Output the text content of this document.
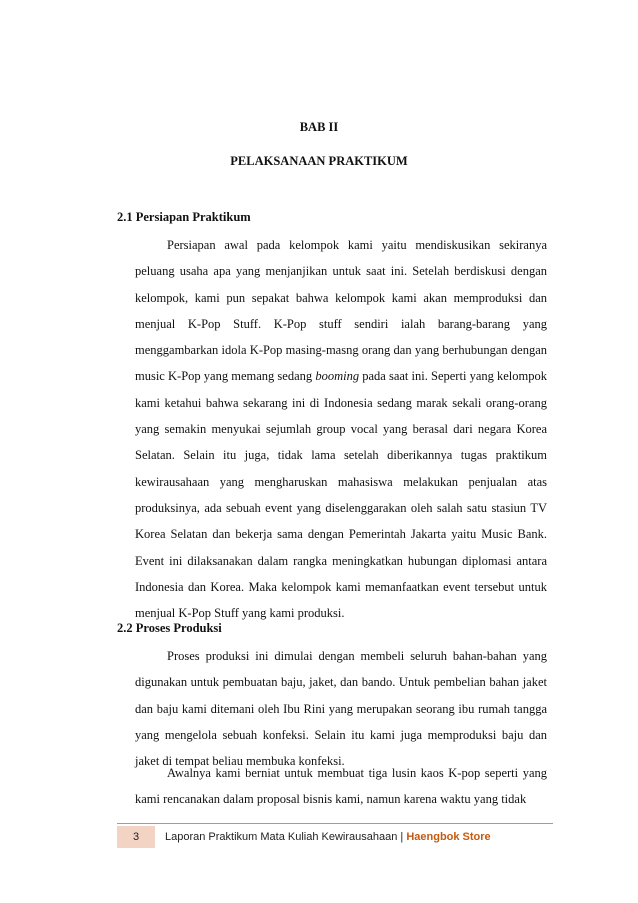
BAB II
PELAKSANAAN PRAKTIKUM
2.1 Persiapan Praktikum
Persiapan awal pada kelompok kami yaitu mendiskusikan sekiranya peluang usaha apa yang menjanjikan untuk saat ini. Setelah berdiskusi dengan kelompok, kami pun sepakat bahwa kelompok kami akan memproduksi dan menjual K-Pop Stuff. K-Pop stuff sendiri ialah barang-barang yang menggambarkan idola K-Pop masing-masng orang dan yang berhubungan dengan music K-Pop yang memang sedang booming pada saat ini. Seperti yang kelompok kami ketahui bahwa sekarang ini di Indonesia sedang marak sekali orang-orang yang semakin menyukai sejumlah group vocal yang berasal dari negara Korea Selatan. Selain itu juga, tidak lama setelah diberikannya tugas praktikum kewirausahaan yang mengharuskan mahasiswa melakukan penjualan atas produksinya, ada sebuah event yang diselenggarakan oleh salah satu stasiun TV Korea Selatan dan bekerja sama dengan Pemerintah Jakarta yaitu Music Bank. Event ini dilaksanakan dalam rangka meningkatkan hubungan diplomasi antara Indonesia dan Korea. Maka kelompok kami memanfaatkan event tersebut untuk menjual K-Pop Stuff yang kami produksi.
2.2 Proses Produksi
Proses produksi ini dimulai dengan membeli seluruh bahan-bahan yang digunakan untuk pembuatan baju, jaket, dan bando. Untuk pembelian bahan jaket dan baju kami ditemani oleh Ibu Rini yang merupakan seorang ibu rumah tangga yang mengelola sebuah konfeksi. Selain itu kami juga memproduksi baju dan jaket di tempat beliau membuka konfeksi.
Awalnya kami berniat untuk membuat tiga lusin kaos K-pop seperti yang kami rencanakan dalam proposal bisnis kami, namun karena waktu yang tidak
3	Laporan Praktikum Mata Kuliah Kewirausahaan | Haengbok Store
